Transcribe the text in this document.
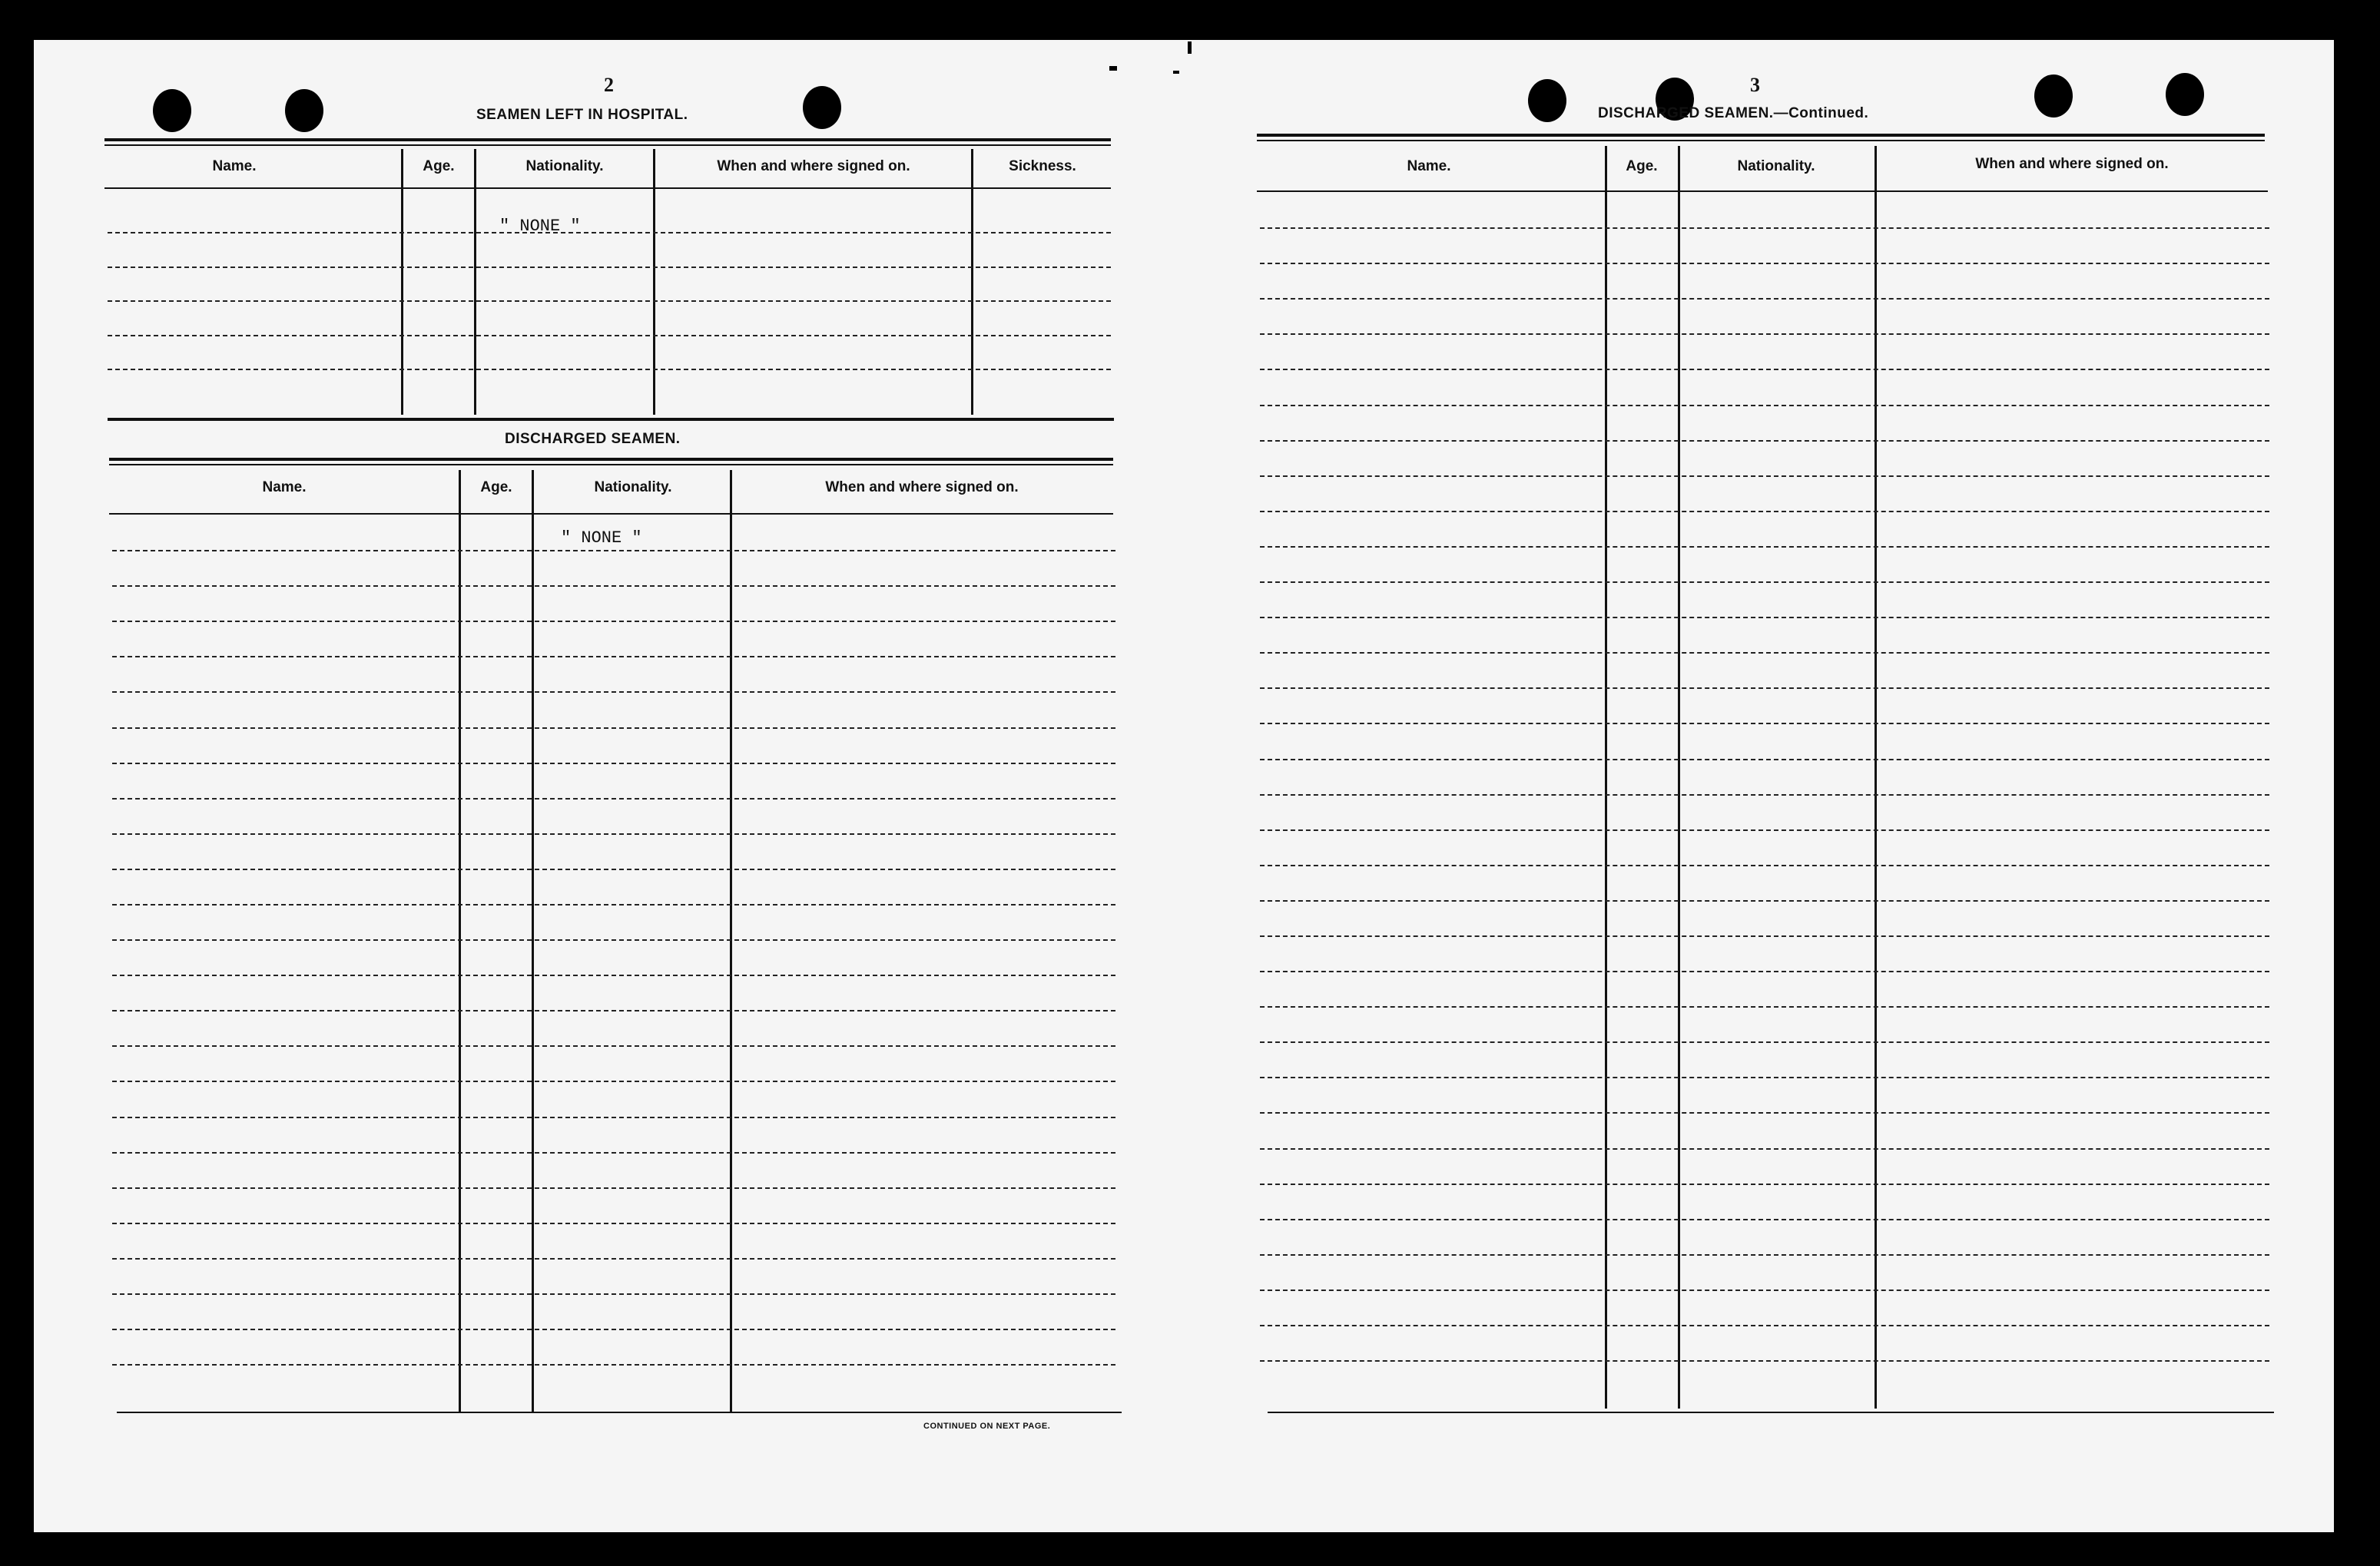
2
SEAMEN LEFT IN HOSPITAL.
Name.	Age.	Nationality.	When and where signed on.	Sickness.
" NONE "
DISCHARGED SEAMEN.
Name.	Age.	Nationality.	When and where signed on.
" NONE "
CONTINUED ON NEXT PAGE.
3
DISCHARGED SEAMEN.—Continued.
Name.	Age.	Nationality.	When and where signed on.
